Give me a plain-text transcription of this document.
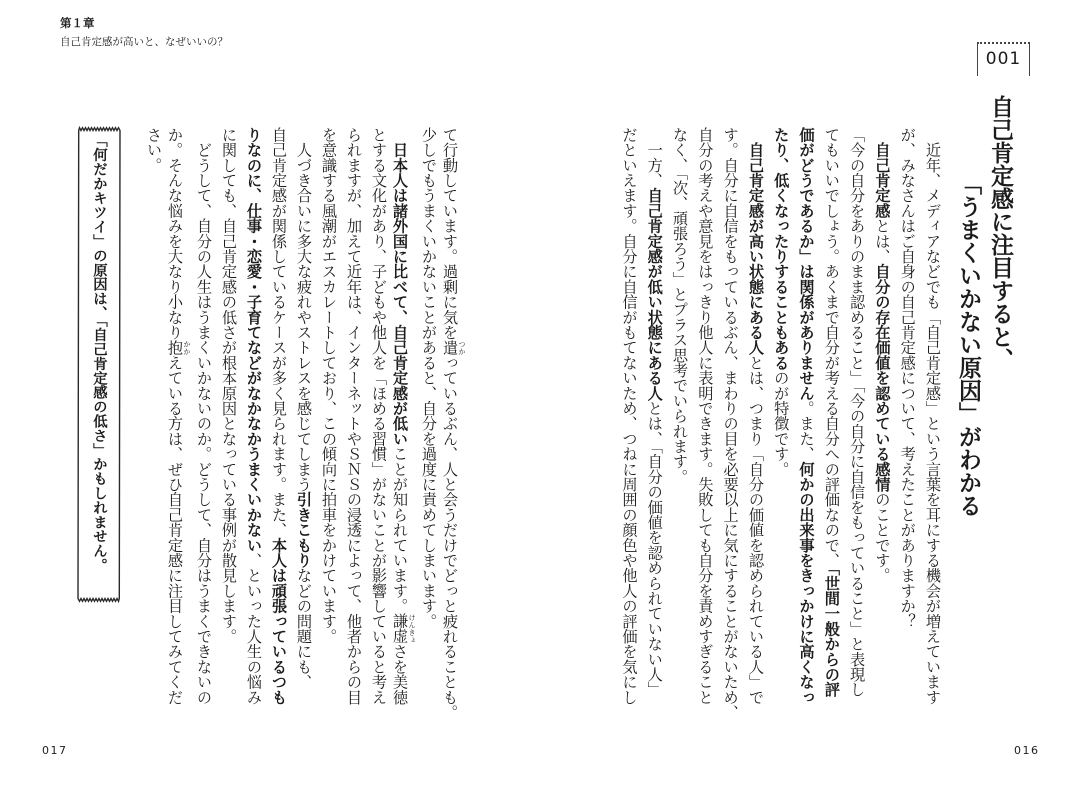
第１章
自己肯定感が高いと、なぜいいの？
001
自己肯定感に注目すると、
「うまくいかない原因」がわかる
　近年、メディアなどでも「自己肯定感」という言葉を耳にする機会が増えています
が、みなさんはご自身の自己肯定感について、考えたことがありますか？
　自己肯定感とは、自分の存在価値を認めている感情のことです。
「今の自分をありのまま認めること」「今の自分に自信をもっていること」と表現し
てもいいでしょう。あくまで自分が考える自分への評価なので、「世間一般からの評
価がどうであるか」は関係がありません。また、何かの出来事をきっかけに高くなっ
たり、低くなったりすることもあるのが特徴です。
　自己肯定感が高い状態にある人とは、つまり「自分の価値を認められている人」で
す。自分に自信をもっているぶん、まわりの目を必要以上に気にすることがないため、
自分の考えや意見をはっきり他人に表明できます。失敗しても自分を責めすぎること
なく、「次、頑張ろう」とプラス思考でいられます。
　一方、自己肯定感が低い状態にある人とは、「自分の価値を認められていない人」
だといえます。自分に自信がもてないため、つねに周囲の顔色や他人の評価を気にし
て行動しています。過剰に気を遣 つかっているぶん、人と会うだけでどっと疲れることも。
少しでもうまくいかないことがあると、自分を過度に責めてしまいます。
　日本人は諸外国に比べて、自己肯定感が低いことが知られています。謙虚 けんきょさを美徳
とする文化があり、子どもや他人を「ほめる習慣」がないことが影響していると考え
られますが、加えて近年は、インターネットやＳＮＳの浸透によって、他者からの目
を意識する風潮がエスカレートしており、この傾向に拍車をかけています。
　人づき合いに多大な疲れやストレスを感じてしまう引きこもりなどの問題にも、
自己肯定感が関係しているケースが多く見られます。また、本人は頑張っているつも
りなのに、仕事・恋愛・子育てなどがなかなかうまくいかない、といった人生の悩み
に関しても、自己肯定感の低さが根本原因となっている事例が散見します。
　どうして、自分の人生はうまくいかないのか。どうして、自分はうまくできないの
か。そんな悩みを大なり小なり抱 かかえている方は、ぜひ自己肯定感に注目してみてくだ
さい。
「何だかキツイ」の原因は、「自己肯定感の低さ」かもしれません。
017	016
